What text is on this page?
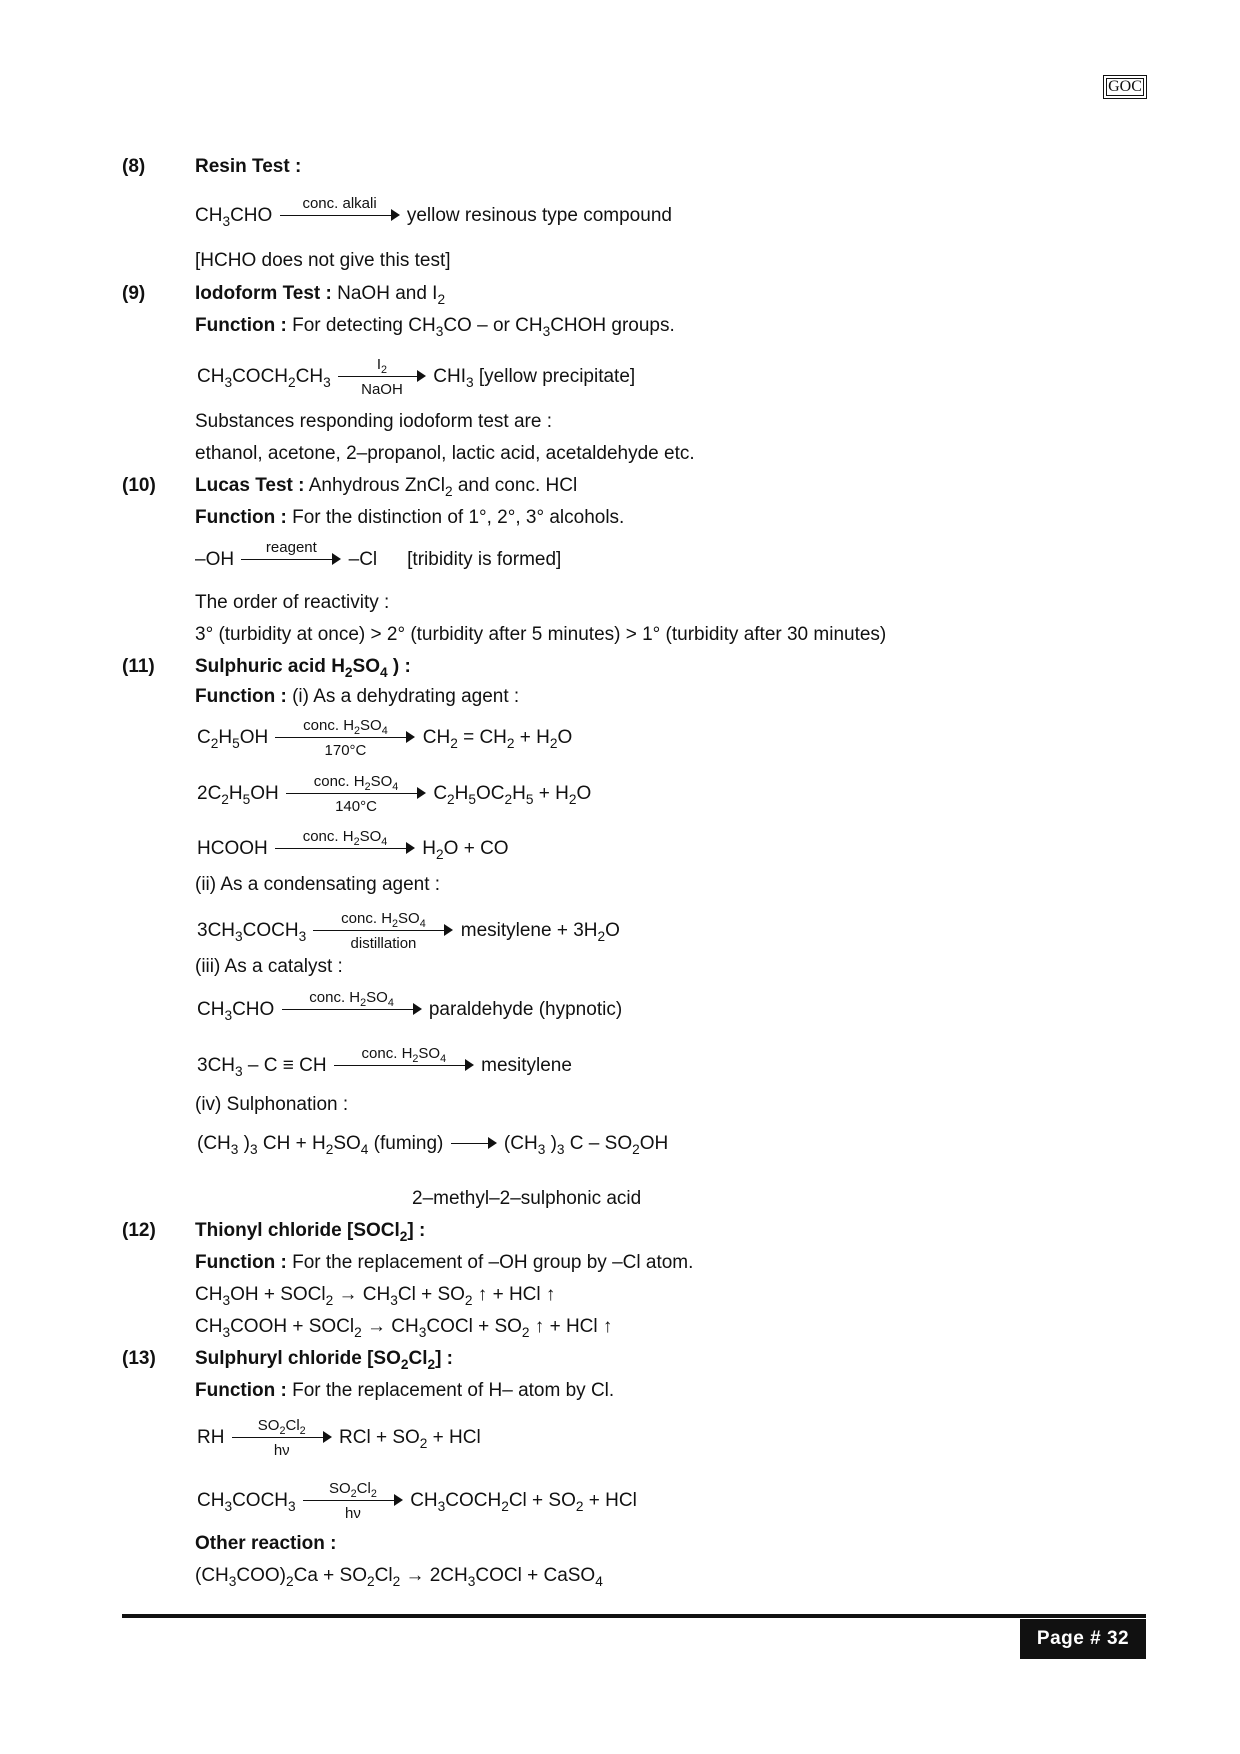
GOC
(8)	Resin Test :
$CH_3CHO$
conc. alkali
yellow resinous type compound
[HCHO does not give this test]
(9)	Iodoform Test : NaOH and $I_2$
Function : For detecting $CH_3CO$ – or $CH_3CHOH$ groups.
$CH_3COCH_2CH_3$
$I_2$
NaOH
$CHI_3$ [yellow precipitate]
Substances responding iodoform test are :
ethanol, acetone, 2–propanol, lactic acid, acetaldehyde etc.
(10) Lucas Test : Anhydrous ZnCl$_2$ and conc. HCl
Function : For the distinction of 1°, 2°, 3° alcohols.
–OH
reagent
–Cl [tribidity is formed]
The order of reactivity :
3° (turbidity at once) > 2° (turbidity after 5 minutes) > 1° (turbidity after 30 minutes)
(11) Sulphuric acid $H_2SO_4$ ) :
Function : (i) As a dehydrating agent :
$C_2H_5OH$
conc. $H_2SO_4$
170°C
$CH_2 = CH_2 + H_2O$
$2C_2H_5OH$
conc. $H_2SO_4$
140°C
$C_2H_5OC_2H_5 + H_2O$
HCOOH
conc. $H_2SO_4$	$H_2O$ + CO
(ii) As a condensating agent :
$3CH_3COCH_3$
conc. $H_2SO_4$
distillation
mesitylene + $3H_2O$
(iii) As a catalyst :
$CH_3CHO$
conc. $H_2SO_4$	paraldehyde (hypnotic)
$3CH_3$ – C ≡ CH
conc. $H_2SO_4$	mesitylene
(iv) Sulphonation :
($CH_3$ )$_3$ CH + $H_2SO_4$ (fuming)	($CH_3$ )$_3$ C – $SO_2OH$
2–methyl–2–sulphonic acid
(12) Thionyl chloride [SOCl$_2$] :
Function : For the replacement of –OH group by –Cl atom.
$CH_3OH$ + SOCl$_2$ → $CH_3Cl + SO_2$ ↑ + HCl ↑
$CH_3COOH$ + SOCl$_2$ → $CH_3COCl + SO_2$ ↑ + HCl ↑
(13) Sulphuryl chloride $[SO_2Cl_2]$ :
Function : For the replacement of H– atom by Cl.
RH $\frac{SO_2Cl_2}{h\nu}$ RCl + $SO_2$ + HCl
$CH_3COCH_3 \frac{SO_2Cl_2}{h\nu}$ $CH_3COCH_2Cl + SO_2$ + HCl
Other reaction :
$(CH_3COO)_2Ca + SO_2Cl_2$ → $2CH_3COCl$ + CaSO$_4$
Page # 32
